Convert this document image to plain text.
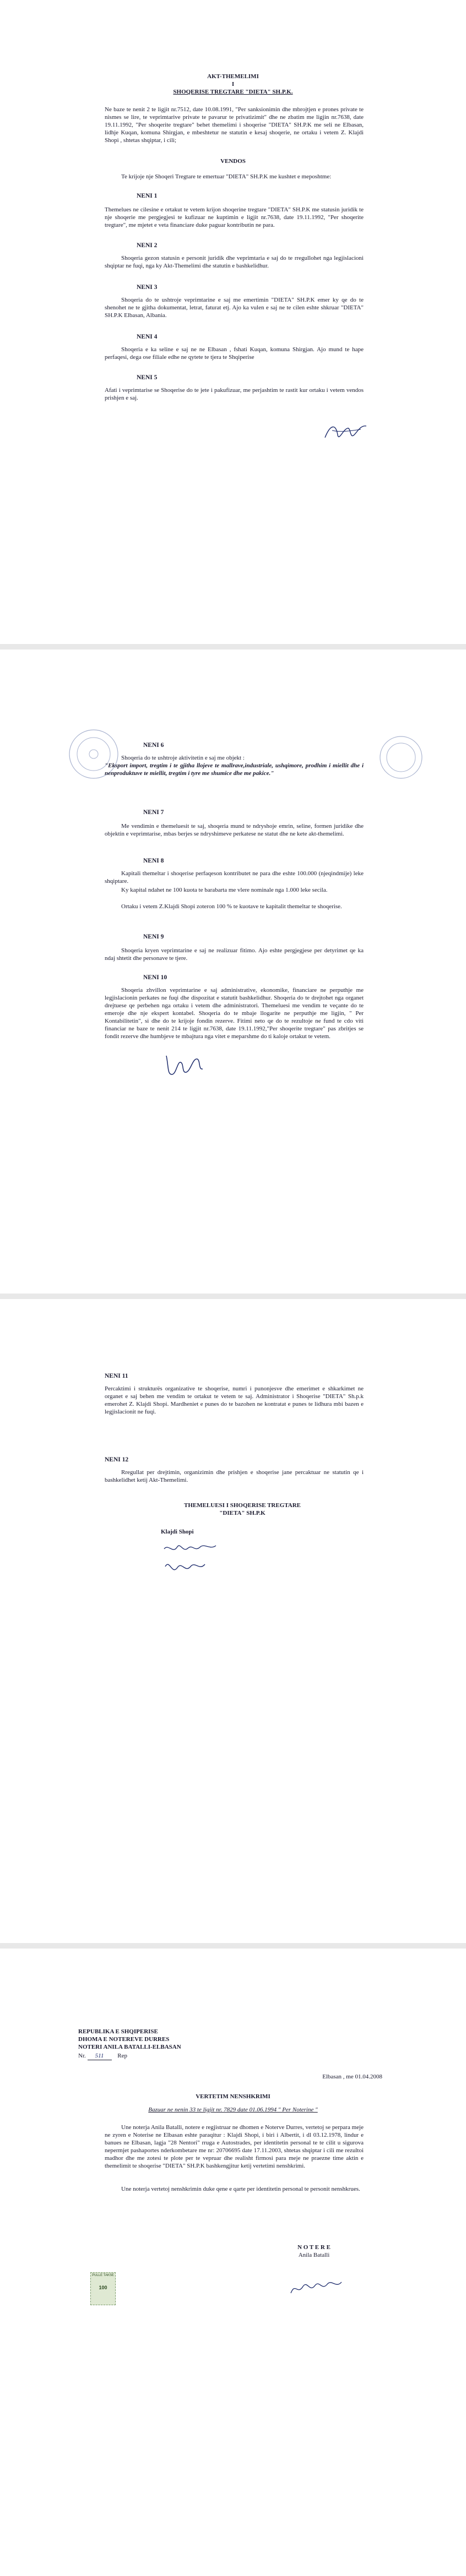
AKT-THEMELIMI
I
SHOQERISE TREGTARE "DIETA" SH.P.K.
Ne baze te nenit 2 te ligjit nr.7512, date 10.08.1991, "Per sanksionimin dhe mbrojtjen e prones private te nismes se lire, te veprimtarive private te pavarur te privatizimit" dhe ne zbatim me ligjin nr.7638, date 19.11.1992, "Per shoqerite tregtare" behet themelimi i shoqerise "DIETA" SH.P.K me seli ne Elbasan, lidhje Kuqan, komuna Shirgjan, e mbeshtetur ne statutin e kesaj shoqerie, ne ortaku i vetem Z. Klajdi Shopi , shtetas shqiptar, i cili;
VENDOS
Te krijoje nje Shoqeri Tregtare te emertuar "DIETA" SH.P.K me kushtet e meposhtme:
NENI 1
Themelues ne cilesine e ortakut te vetem krijon shoqerine tregtare "DIETA" SH.P.K me statusin juridik te nje shoqerie me pergjegjesi te kufizuar ne kuptimin e ligjit nr.7638, date 19.11.1992, "Per shoqerite tregtare", me mjetet e veta financiare duke paguar kontributin ne para.
NENI 2
Shoqeria gezon statusin e personit juridik dhe veprimtaria e saj do te rregullohet nga legjislacioni shqiptar ne fuqi, nga ky Akt-Themelimi dhe statutin e bashkelidhur.
NENI 3
Shoqeria do te ushtroje veprimtarine e saj me emertimin "DIETA" SH.P.K emer ky qe do te shenohet ne te gjitha dokumentat, letrat, faturat etj. Ajo ka vulen e saj ne te cilen eshte shkruar "DIETA" SH.P.K Elbasan, Albania.
NENI 4
Shoqeria e ka seline e saj ne ne Elbasan , fshati Kuqan, komuna Shirgjan. Ajo mund te hape perfaqesi, dega ose filiale edhe ne qytete te tjera te Shqiperise
NENI 5
Afati i veprimtarise se Shoqerise do te jete i pakufizuar, me perjashtim te rastit kur ortaku i vetem vendos prishjen e saj.
NENI 6
Shoqeria do te ushtroje aktivitetin e saj me objekt :
"Eksport import, tregtim i te gjitha llojeve te mallrave,industriale, ushqimore, prodhim i miellit dhe i nenproduktuve te miellit, tregtim i tyre me shumice dhe me pakice."
NENI 7
Me vendimin e themeluesit te saj, shoqeria mund te ndryshoje emrin, seline, formen juridike dhe objektin e veprimtarise, mbas berjes se ndryshimeve perkatese ne statut dhe ne kete akt-themelimi.
NENI 8
Kapitali themeltar i shoqerise perfaqeson kontributet ne para dhe eshte 100.000 (njeqindmije) leke shqiptare.
Ky kapital ndahet ne 100 kuota te barabarta me vlere nominale nga 1.000 leke secila.
Ortaku i vetem Z.Klajdi Shopi zoteron 100 % te kuotave te kapitalit themeltar te shoqerise.
NENI 9
Shoqeria kryen veprimtarine e saj ne realizuar fitimo. Ajo eshte pergjegjese per detyrimet qe ka ndaj shtetit dhe personave te tjere.
NENI 10
Shoqeria zhvillon veprimtarine e saj administrative, ekonomike, financiare ne perputhje me legjislacionin perkates ne fuqi dhe dispozitat e statutit bashkelidhur. Shoqeria do te drejtohet nga organet drejtuese qe perbehen nga ortaku i vetem dhe administratori. Themeluesi me vendim te veçante do te emeroje dhe nje ekspert kontabel. Shoqeria do te mbaje llogarite ne perputhje me ligjin, " Per Kontabilitetin", si dhe do te krijoje fondin rezerve. Fitimi neto qe do te rezultoje ne fund te cdo viti financiar ne baze te nenit 214 te ligjit nr.7638, date 19.11.1992,"Per shoqerite tregtare" pas zbritjes se fondit rezerve dhe humbjeve te mbajtura nga vitet e meparshme do ti kaloje ortakut te vetem.
NENI 11
Percaktimi i strukturës organizative te shoqerise, numri i punonjesve dhe emerimet e shkarkimet ne organet e saj behen me vendim te ortakut te vetem te saj. Administrator i Shoqerise "DIETA" Sh.p.k emerohet Z. Klajdi Shopi. Mardheniet e punes do te bazohen ne kontratat e punes te lidhura mbi bazen e legjislacionit ne fuqi.
NENI 12
Rregullat per drejtimin, organizimin dhe prishjen e shoqerise jane percaktuar ne statutin qe i bashkelidhet ketij Akt-Themelimi.
THEMELUESI I SHOQERISE TREGTARE
"DIETA" SH.P.K
Klajdi Shopi
REPUBLIKA E SHQIPERISE
DHOMA E NOTEREVE DURRES
NOTERI ANILA BATALLI-ELBASAN
Nr. 511 Rep
Elbasan , me 01.04.2008
VERTETIM NENSHKRIMI
Bazuar ne nenin 33 te ligjit nr. 7829 date 01.06.1994 " Per Noterine "
Une noterja Anila Batalli, notere e regjistruar ne dhomen e Noterve Durres, vertetoj se perpara meje ne zyren e Noterise ne Elbasan eshte paraqitur : Klajdi Shopi, i biri i Albertit, i dl 03.12.1978, lindur e banues ne Elbasan, lagja "28 Nentori" rruga e Autostrades, per identitetin personal te te cilit u sigurova nepermjet pashaportes nderkombetare me nr: 20706695 date 17.11.2003, shtetas shqiptar i cili me rezultoi madhor dhe me zotesi te plote per te vepruar dhe realisht firmosi para meje ne praezne time aktin e themelimit te shoqerise "DIETA" SH.P.K bashkengjitur ketij vertetimi nenshkrimi.
Une noterja vertetoj nenshkrimin duke qene e qarte per identitetin personal te personit nenshkrues.
N O T E R E
Anila Batalli
PULLE TAKSE
100
